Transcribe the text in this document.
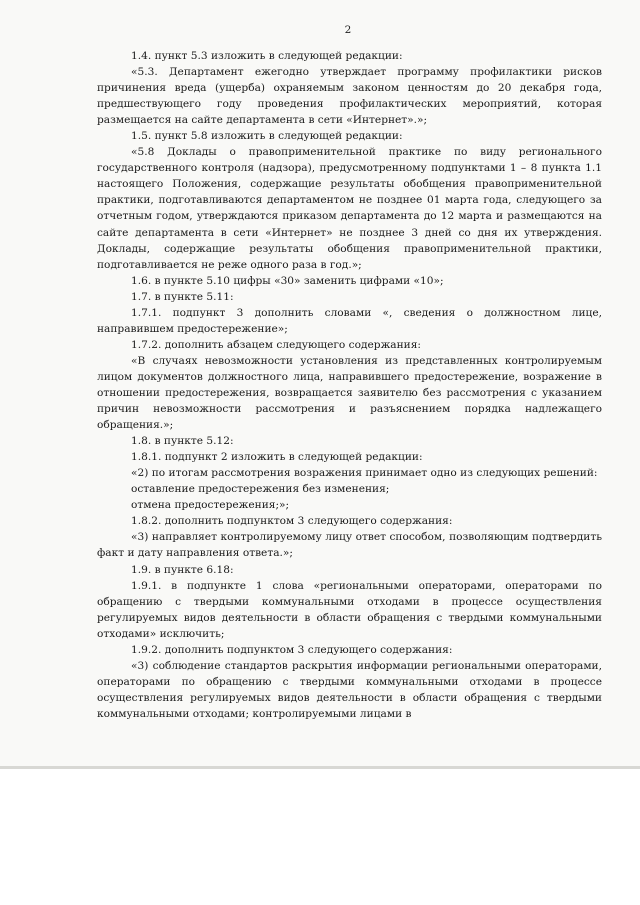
2

1.4. пункт 5.3 изложить в следующей редакции:

«5.3. Департамент ежегодно утверждает программу профилактики рисков причинения вреда (ущерба) охраняемым законом ценностям до 20 декабря года, предшествующего году проведения профилактических мероприятий, которая размещается на сайте департамента в сети «Интернет».»;

1.5. пункт 5.8 изложить в следующей редакции:

«5.8 Доклады о правоприменительной практике по виду регионального государственного контроля (надзора), предусмотренному подпунктами 1 – 8 пункта 1.1 настоящего Положения, содержащие результаты обобщения правоприменительной практики, подготавливаются департаментом не позднее 01 марта года, следующего за отчетным годом, утверждаются приказом департамента до 12 марта и размещаются на сайте департамента в сети «Интернет» не позднее 3 дней со дня их утверждения. Доклады, содержащие результаты обобщения правоприменительной практики, подготавливается не реже одного раза в год.»;

1.6. в пункте 5.10 цифры «30» заменить цифрами «10»;

1.7. в пункте 5.11:

1.7.1. подпункт 3 дополнить словами «, сведения о должностном лице, направившем предостережение»;

1.7.2. дополнить абзацем следующего содержания:

«В случаях невозможности установления из представленных контролируемым лицом документов должностного лица, направившего предостережение, возражение в отношении предостережения, возвращается заявителю без рассмотрения с указанием причин невозможности рассмотрения и разъяснением порядка надлежащего обращения.»;

1.8. в пункте 5.12:

1.8.1. подпункт 2 изложить в следующей редакции:

«2) по итогам рассмотрения возражения принимает одно из следующих решений:

оставление предостережения без изменения;

отмена предостережения;»;

1.8.2. дополнить подпунктом 3 следующего содержания:

«3) направляет контролируемому лицу ответ способом, позволяющим подтвердить факт и дату направления ответа.»;

1.9. в пункте 6.18:

1.9.1. в подпункте 1 слова «региональными операторами, операторами по обращению с твердыми коммунальными отходами в процессе осуществления регулируемых видов деятельности в области обращения с твердыми коммунальными отходами» исключить;

1.9.2. дополнить подпунктом 3 следующего содержания:

«3) соблюдение стандартов раскрытия информации региональными операторами, операторами по обращению с твердыми коммунальными отходами в процессе осуществления регулируемых видов деятельности в области обращения с твердыми коммунальными отходами; контролируемыми лицами в
